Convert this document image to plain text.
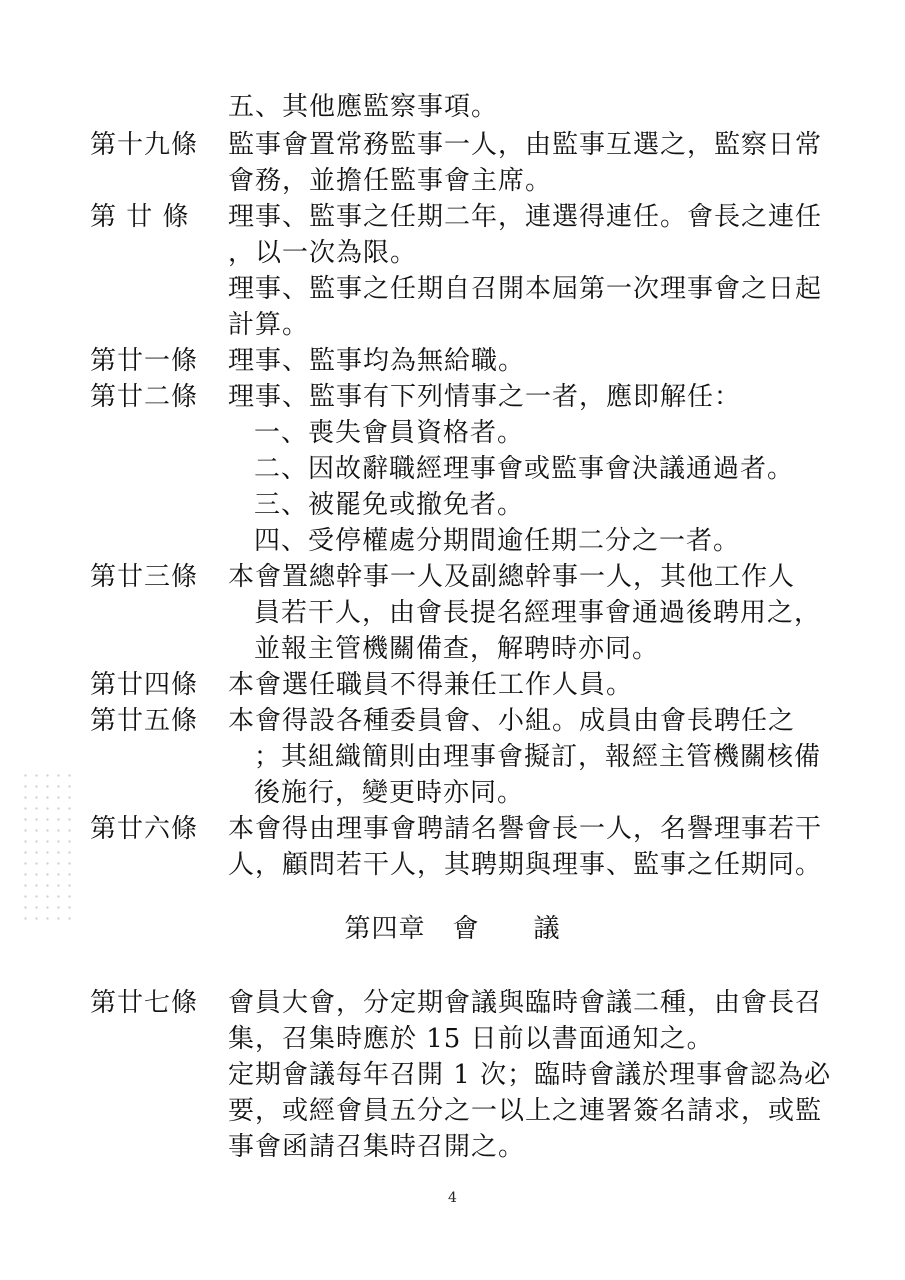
五、其他應監察事項。
第十九條 監事會置常務監事一人，由監事互選之，監察日常
會務，並擔任監事會主席。
第 廿 條 理事、監事之任期二年，連選得連任。會長之連任
，以一次為限。
理事、監事之任期自召開本屆第一次理事會之日起
計算。
第廿一條 理事、監事均為無給職。
第廿二條 理事、監事有下列情事之一者，應即解任：
一、喪失會員資格者。
二、因故辭職經理事會或監事會決議通過者。
三、被罷免或撤免者。
四、受停權處分期間逾任期二分之一者。
第廿三條 本會置總幹事一人及副總幹事一人，其他工作人
員若干人，由會長提名經理事會通過後聘用之，
並報主管機關備查，解聘時亦同。
第廿四條 本會選任職員不得兼任工作人員。
第廿五條 本會得設各種委員會、小組。成員由會長聘任之
；其組織簡則由理事會擬訂，報經主管機關核備
後施行，變更時亦同。
第廿六條 本會得由理事會聘請名譽會長一人，名譽理事若干
人，顧問若干人，其聘期與理事、監事之任期同。
第四章　會　　議
第廿七條 會員大會，分定期會議與臨時會議二種，由會長召
集，召集時應於 15 日前以書面通知之。
定期會議每年召開 1 次；臨時會議於理事會認為必
要，或經會員五分之一以上之連署簽名請求，或監
事會函請召集時召開之。
4
